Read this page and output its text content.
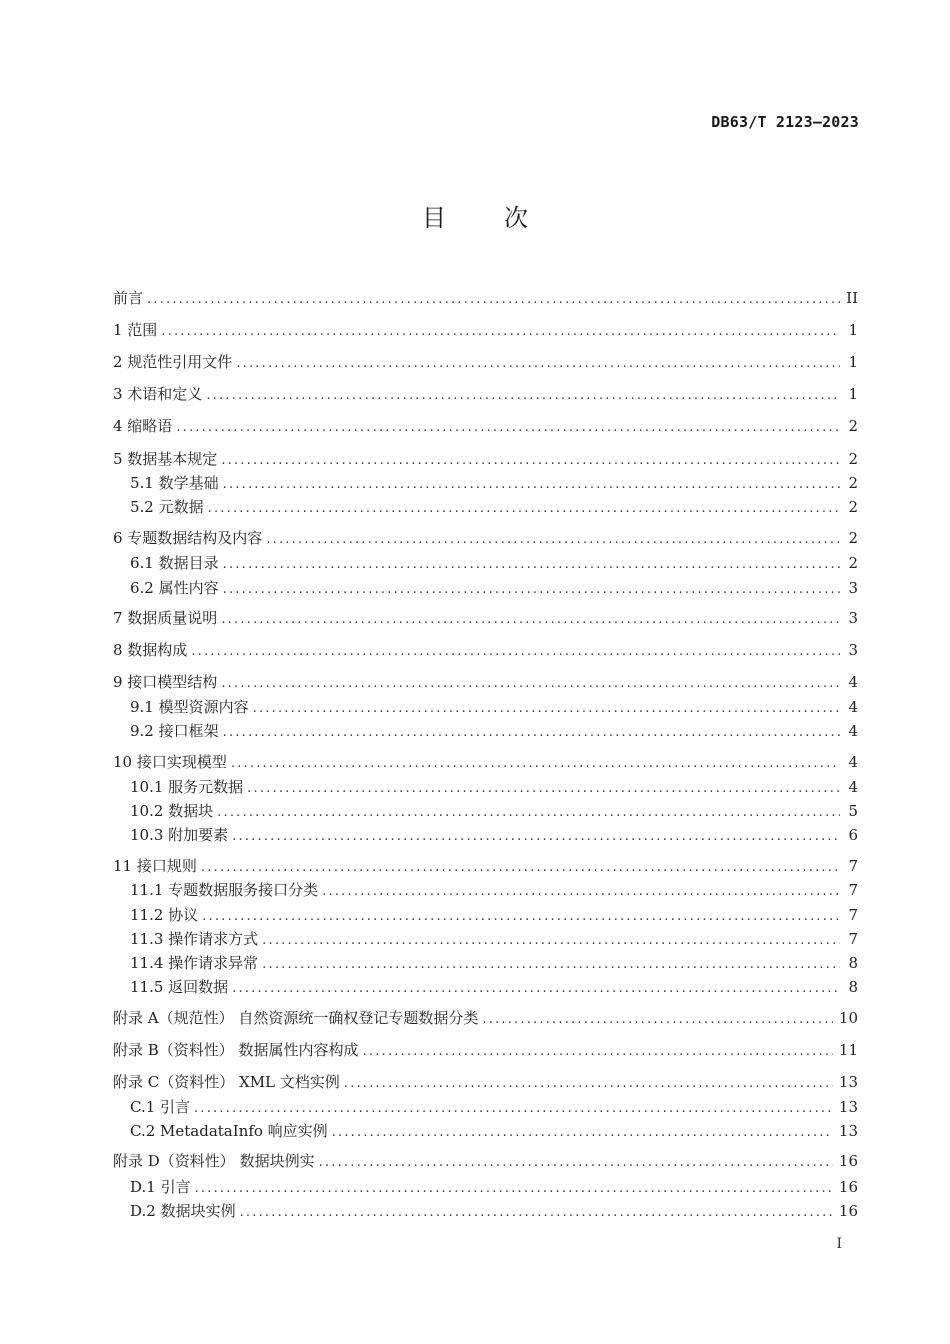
DB63/T 2123—2023
目 次
前言 .....	II
1 范围 .....	1
2 规范性引用文件 .....	1
3 术语和定义 .....	1
4 缩略语 .....	2
5 数据基本规定 .....	2
5.1 数学基础 .....	2
5.2 元数据 .....	2
6 专题数据结构及内容 .....	2
6.1 数据目录 .....	2
6.2 属性内容 .....	3
7 数据质量说明 .....	3
8 数据构成 .....	3
9 接口模型结构 .....	4
9.1 模型资源内容 .....	4
9.2 接口框架 .....	4
10 接口实现模型 .....	4
10.1 服务元数据 .....	4
10.2 数据块 .....	5
10.3 附加要素 .....	6
11 接口规则 .....	7
11.1 专题数据服务接口分类 .....	7
11.2 协议 .....	7
11.3 操作请求方式 .....	7
11.4 操作请求异常 .....	8
11.5 返回数据 .....	8
附录 A（规范性） 自然资源统一确权登记专题数据分类 .....	10
附录 B（资料性） 数据属性内容构成 .....	11
附录 C（资料性） XML 文档实例 .....	13
C.1 引言 .....	13
C.2 MetadataInfo 响应实例 .....	13
附录 D（资料性） 数据块例实 .....	16
D.1 引言 .....	16
D.2 数据块实例 .....	16
I
